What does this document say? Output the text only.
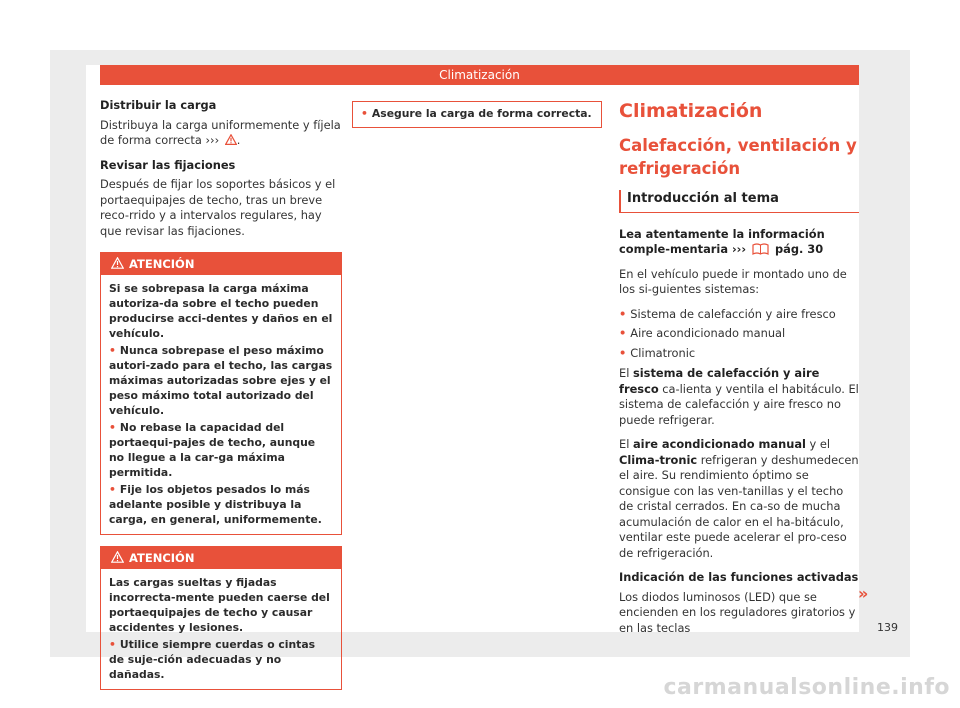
Climatización
Distribuir la carga
Distribuya la carga uniformemente y fíjela de forma correcta ››› .
Revisar las fijaciones
Después de fijar los soportes básicos y el portaequipajes de techo, tras un breve reco-rrido y a intervalos regulares, hay que revisar las fijaciones.
ATENCIÓN
Si se sobrepasa la carga máxima autoriza-da sobre el techo pueden producirse acci-dentes y daños en el vehículo.
• Nunca sobrepase el peso máximo autori-zado para el techo, las cargas máximas autorizadas sobre ejes y el peso máximo total autorizado del vehículo.
• No rebase la capacidad del portaequi-pajes de techo, aunque no llegue a la car-ga máxima permitida.
• Fije los objetos pesados lo más adelante posible y distribuya la carga, en general, uniformemente.
ATENCIÓN
Las cargas sueltas y fijadas incorrecta-mente pueden caerse del portaequipajes de techo y causar accidentes y lesiones.
• Utilice siempre cuerdas o cintas de suje-ción adecuadas y no dañadas.
• Asegure la carga de forma correcta.	Climatización
Calefacción, ventilación y refrigeración
Introducción al tema
Lea atentamente la información comple-mentaria ›››	pág. 30
En el vehículo puede ir montado uno de los si-guientes sistemas:
• Sistema de calefacción y aire fresco
• Aire acondicionado manual
• Climatronic
El sistema de calefacción y aire fresco ca-lienta y ventila el habitáculo. El sistema de calefacción y aire fresco no puede refrigerar.
El aire acondicionado manual y el Clima-tronic refrigeran y deshumedecen el aire. Su rendimiento óptimo se consigue con las ven-tanillas y el techo de cristal cerrados. En ca-so de mucha acumulación de calor en el ha-bitáculo, ventilar este puede acelerar el pro-ceso de refrigeración.
Indicación de las funciones activadas
Los diodos luminosos (LED) que se encienden en los reguladores giratorios y en las teclas
»
139
carmanualsonline.info
